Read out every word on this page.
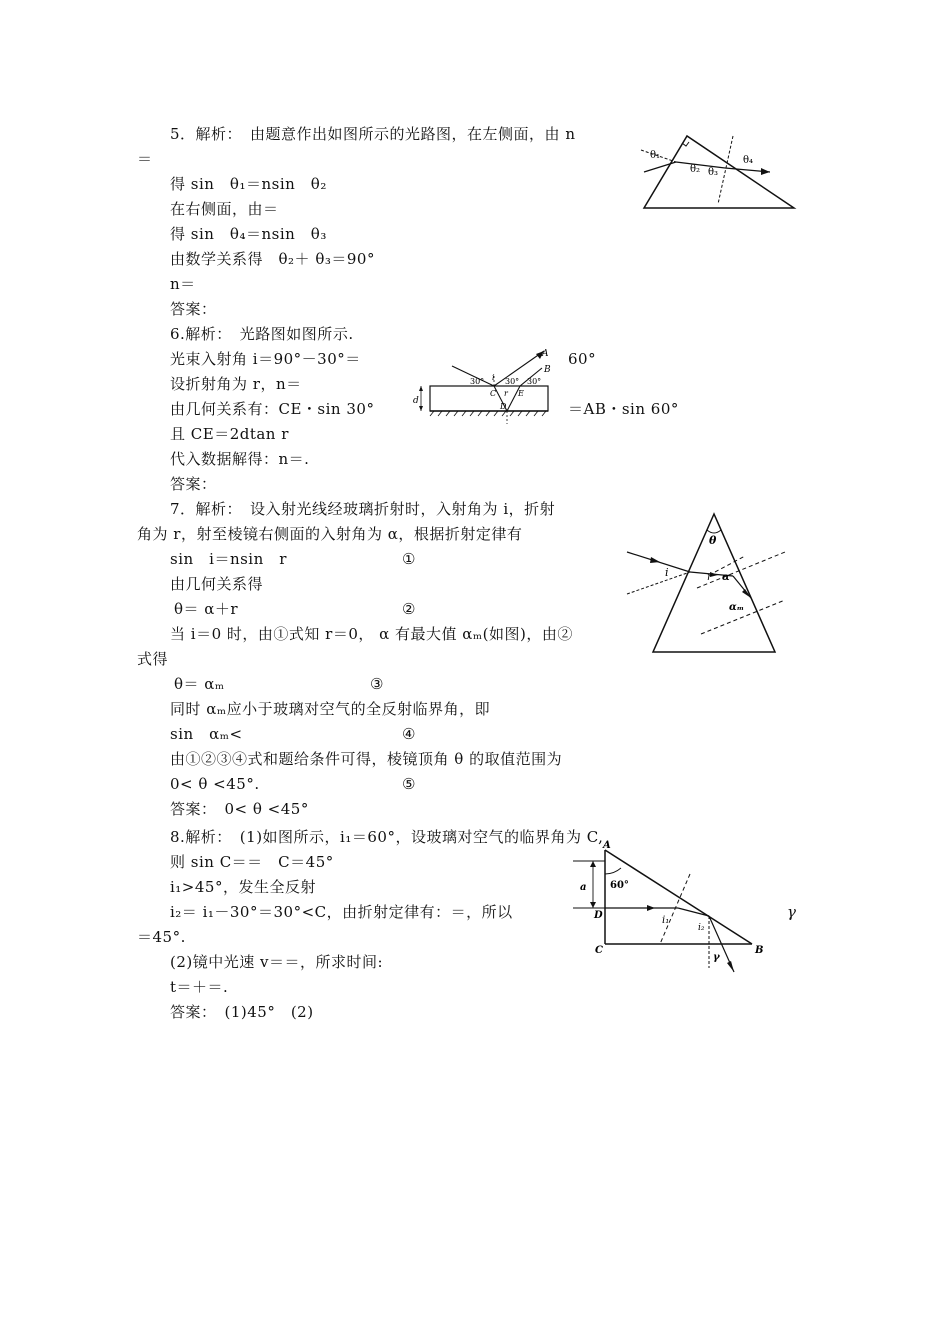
5．解析：　由题意作出如图所示的光路图，在左侧面，由 n
＝
得 sin　θ₁＝nsin　θ₂
在右侧面，由＝
得 sin　θ₄＝nsin　θ₃
由数学关系得　θ₂＋ θ₃＝90°
n＝
答案：
θ₁
θ₂ θ₃
θ₄
6.解析：　光路图如图所示.
光束入射角 i＝90°－30°＝	60°
设折射角为 r，n＝
由几何关系有：CE・sin 30°	＝AB・sin 60°
且 CE＝2dtan r
代入数据解得：n＝.
答案：
A
B
30° i 30° 30°
C r E
D
d
7．解析：　设入射光线经玻璃折射时，入射角为 i，折射
角为 r，射至棱镜右侧面的入射角为 α，根据折射定律有
sin　i＝nsin　r	①
由几何关系得
θ＝ α＋r	②
当 i＝0 时，由①式知 r＝0， α 有最大值 αₘ(如图)，由②
式得
θ＝ αₘ	③
同时 αₘ应小于玻璃对空气的全反射临界角，即
sin　αₘ<	④
由①②③④式和题给条件可得，棱镜顶角 θ 的取值范围为
0< θ <45°.	⑤
答案：　0< θ <45°
θ
i	r α
αₘ
8.解析：　(1)如图所示，i₁＝60°，设玻璃对空气的临界角为 C,
则 sin C＝＝　C＝45°
i₁>45°，发生全反射
i₂＝ i₁－30°＝30°<C，由折射定律有：＝，所以	γ
＝45°.
(2)镜中光速 v＝＝，所求时间:
t＝＋＝.
答案：　(1)45°　(2)
A
a 60°
D	i₁
i₂
γ
C	B
